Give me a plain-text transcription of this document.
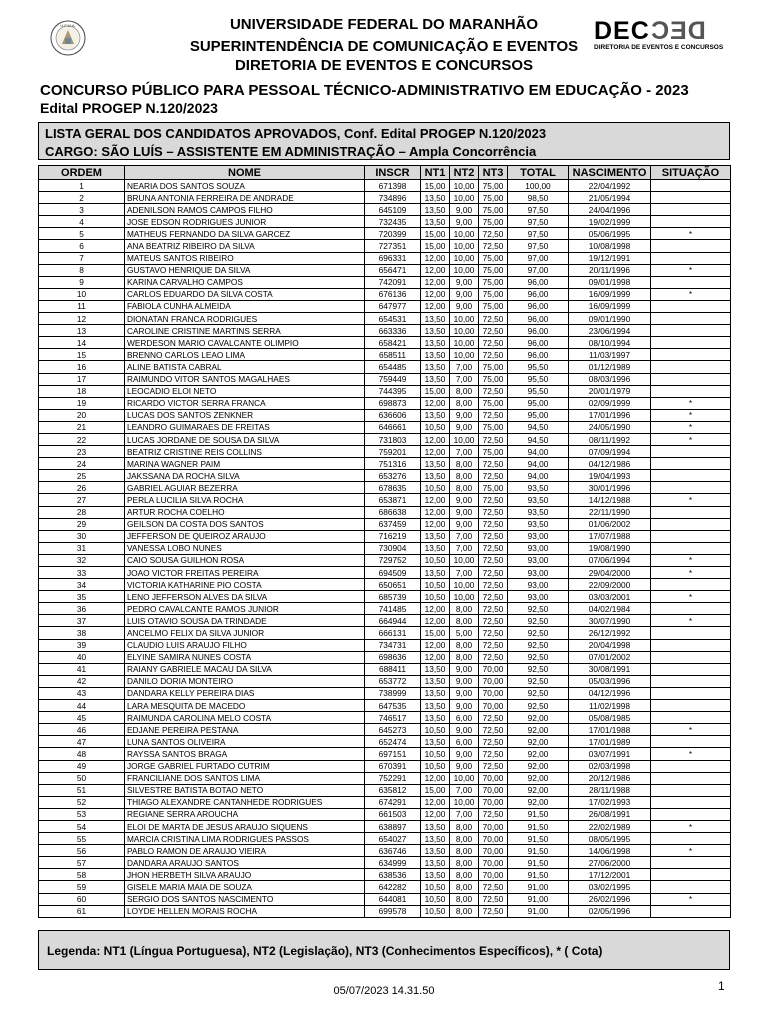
U.F.M.A.	UNIVERSIDADE FEDERAL DO MARANHÃO
SUPERINTENDÊNCIA DE COMUNICAÇÃO E EVENTOS
DIRETORIA DE EVENTOS E CONCURSOS
DECDEC
DIRETORIA DE EVENTOS E CONCURSOS
CONCURSO PÚBLICO PARA PESSOAL TÉCNICO-ADMINISTRATIVO EM EDUCAÇÃO - 2023
Edital PROGEP N.120/2023
LISTA GERAL DOS CANDIDATOS APROVADOS, Conf. Edital PROGEP N.120/2023
CARGO: SÃO LUÍS – ASSISTENTE EM ADMINISTRAÇÃO – Ampla Concorrência
ORDEM	NOME	INSCR	NT1	NT2	NT3	TOTAL	NASCIMENTO	SITUAÇÃO
1	NEARIA DOS SANTOS SOUZA	671398	15,00	10,00	75,00	100,00	22/04/1992	
2	BRUNA ANTONIA FERREIRA DE ANDRADE	734896	13,50	10,00	75,00	98,50	21/05/1994	
3	ADENILSON RAMOS CAMPOS FILHO	645109	13,50	9,00	75,00	97,50	24/04/1996	
4	JOSE EDSON RODRIGUES JUNIOR	732435	13,50	9,00	75,00	97,50	19/02/1999	
5	MATHEUS FERNANDO DA SILVA GARCEZ	720399	15,00	10,00	72,50	97,50	05/06/1995	*
6	ANA BEATRIZ RIBEIRO DA SILVA	727351	15,00	10,00	72,50	97,50	10/08/1998	
7	MATEUS SANTOS RIBEIRO	696331	12,00	10,00	75,00	97,00	19/12/1991	
8	GUSTAVO HENRIQUE DA SILVA	656471	12,00	10,00	75,00	97,00	20/11/1996	*
9	KARINA CARVALHO CAMPOS	742091	12,00	9,00	75,00	96,00	09/01/1998	
10	CARLOS EDUARDO DA SILVA COSTA	676136	12,00	9,00	75,00	96,00	16/09/1999	*
11	FABIOLA CUNHA ALMEIDA	647977	12,00	9,00	75,00	96,00	16/09/1999	
12	DIONATAN FRANCA RODRIGUES	654531	13,50	10,00	72,50	96,00	09/01/1990	
13	CAROLINE CRISTINE MARTINS SERRA	663336	13,50	10,00	72,50	96,00	23/06/1994	
14	WERDESON MARIO CAVALCANTE OLIMPIO	658421	13,50	10,00	72,50	96,00	08/10/1994	
15	BRENNO CARLOS LEAO LIMA	658511	13,50	10,00	72,50	96,00	11/03/1997	
16	ALINE BATISTA CABRAL	654485	13,50	7,00	75,00	95,50	01/12/1989	
17	RAIMUNDO VITOR SANTOS MAGALHAES	759449	13,50	7,00	75,00	95,50	08/03/1996	
18	LEOCADIO ELOI NETO	744395	15,00	8,00	72,50	95,50	20/01/1979	
19	RICARDO VICTOR SERRA FRANCA	698873	12,00	8,00	75,00	95,00	02/09/1999	*
20	LUCAS DOS SANTOS ZENKNER	636606	13,50	9,00	72,50	95,00	17/01/1996	*
21	LEANDRO GUIMARAES DE FREITAS	646661	10,50	9,00	75,00	94,50	24/05/1990	*
22	LUCAS JORDANE DE SOUSA DA SILVA	731803	12,00	10,00	72,50	94,50	08/11/1992	*
23	BEATRIZ CRISTINE REIS COLLINS	759201	12,00	7,00	75,00	94,00	07/09/1994	
24	MARINA WAGNER PAIM	751316	13,50	8,00	72,50	94,00	04/12/1986	
25	JAKSSANA DA ROCHA SILVA	653276	13,50	8,00	72,50	94,00	19/04/1993	
26	GABRIEL AGUIAR BEZERRA	678635	10,50	8,00	75,00	93,50	30/01/1996	
27	PERLA LUCILIA SILVA ROCHA	653871	12,00	9,00	72,50	93,50	14/12/1988	*
28	ARTUR ROCHA COELHO	686638	12,00	9,00	72,50	93,50	22/11/1990	
29	GEILSON DA COSTA DOS SANTOS	637459	12,00	9,00	72,50	93,50	01/06/2002	
30	JEFFERSON DE QUEIROZ ARAUJO	716219	13,50	7,00	72,50	93,00	17/07/1988	
31	VANESSA LOBO NUNES	730904	13,50	7,00	72,50	93,00	19/08/1990	
32	CAIO SOUSA GUILHON ROSA	729752	10,50	10,00	72,50	93,00	07/06/1994	*
33	JOAO VICTOR FREITAS PEREIRA	694509	13,50	7,00	72,50	93,00	29/04/2000	*
34	VICTORIA KATHARINE PIO COSTA	650651	10,50	10,00	72,50	93,00	22/09/2000	
35	LENO JEFFERSON ALVES DA SILVA	685739	10,50	10,00	72,50	93,00	03/03/2001	*
36	PEDRO CAVALCANTE RAMOS JUNIOR	741485	12,00	8,00	72,50	92,50	04/02/1984	
37	LUIS OTAVIO SOUSA DA TRINDADE	664944	12,00	8,00	72,50	92,50	30/07/1990	*
38	ANCELMO FELIX DA SILVA JUNIOR	666131	15,00	5,00	72,50	92,50	26/12/1992	
39	CLAUDIO LUIS ARAUJO FILHO	734731	12,00	8,00	72,50	92,50	20/04/1998	
40	ELYINE SAMIRA NUNES COSTA	698636	12,00	8,00	72,50	92,50	07/01/2002	
41	RAIANY GABRIELE MACAU DA SILVA	688411	13,50	9,00	70,00	92,50	30/08/1991	
42	DANILO DORIA MONTEIRO	653772	13,50	9,00	70,00	92,50	05/03/1996	
43	DANDARA KELLY PEREIRA DIAS	738999	13,50	9,00	70,00	92,50	04/12/1996	
44	LARA MESQUITA DE MACEDO	647535	13,50	9,00	70,00	92,50	11/02/1998	
45	RAIMUNDA CAROLINA MELO COSTA	746517	13,50	6,00	72,50	92,00	05/08/1985	
46	EDJANE PEREIRA PESTANA	645273	10,50	9,00	72,50	92,00	17/01/1988	*
47	LUNA SANTOS OLIVEIRA	652474	13,50	6,00	72,50	92,00	17/01/1989	
48	RAYSSA SANTOS BRAGA	697151	10,50	9,00	72,50	92,00	03/07/1991	*
49	JORGE GABRIEL FURTADO CUTRIM	670391	10,50	9,00	72,50	92,00	02/03/1998	
50	FRANCILIANE DOS SANTOS LIMA	752291	12,00	10,00	70,00	92,00	20/12/1986	
51	SILVESTRE BATISTA BOTAO NETO	635812	15,00	7,00	70,00	92,00	28/11/1988	
52	THIAGO ALEXANDRE CANTANHEDE RODRIGUES	674291	12,00	10,00	70,00	92,00	17/02/1993	
53	REGIANE SERRA AROUCHA	661503	12,00	7,00	72,50	91,50	26/08/1991	
54	ELOI DE MARTA DE JESUS ARAUJO SIQUENS	638897	13,50	8,00	70,00	91,50	22/02/1989	*
55	MARCIA CRISTINA LIMA RODRIGUES PASSOS	654027	13,50	8,00	70,00	91,50	08/05/1995	
56	PABLO RAMON DE ARAUJO VIEIRA	636746	13,50	8,00	70,00	91,50	14/06/1998	*
57	DANDARA ARAUJO SANTOS	634999	13,50	8,00	70,00	91,50	27/06/2000	
58	JHON HERBETH SILVA ARAUJO	638536	13,50	8,00	70,00	91,50	17/12/2001	
59	GISELE MARIA MAIA DE SOUZA	642282	10,50	8,00	72,50	91,00	03/02/1995	
60	SERGIO DOS SANTOS NASCIMENTO	644081	10,50	8,00	72,50	91,00	26/02/1996	*
61	LOYDE HELLEN MORAIS ROCHA	699578	10,50	8,00	72,50	91,00	02/05/1996	
Legenda: NT1 (Língua Portuguesa), NT2 (Legislação), NT3 (Conhecimentos Específicos), * ( Cota)
05/07/2023 14.31.50	1
